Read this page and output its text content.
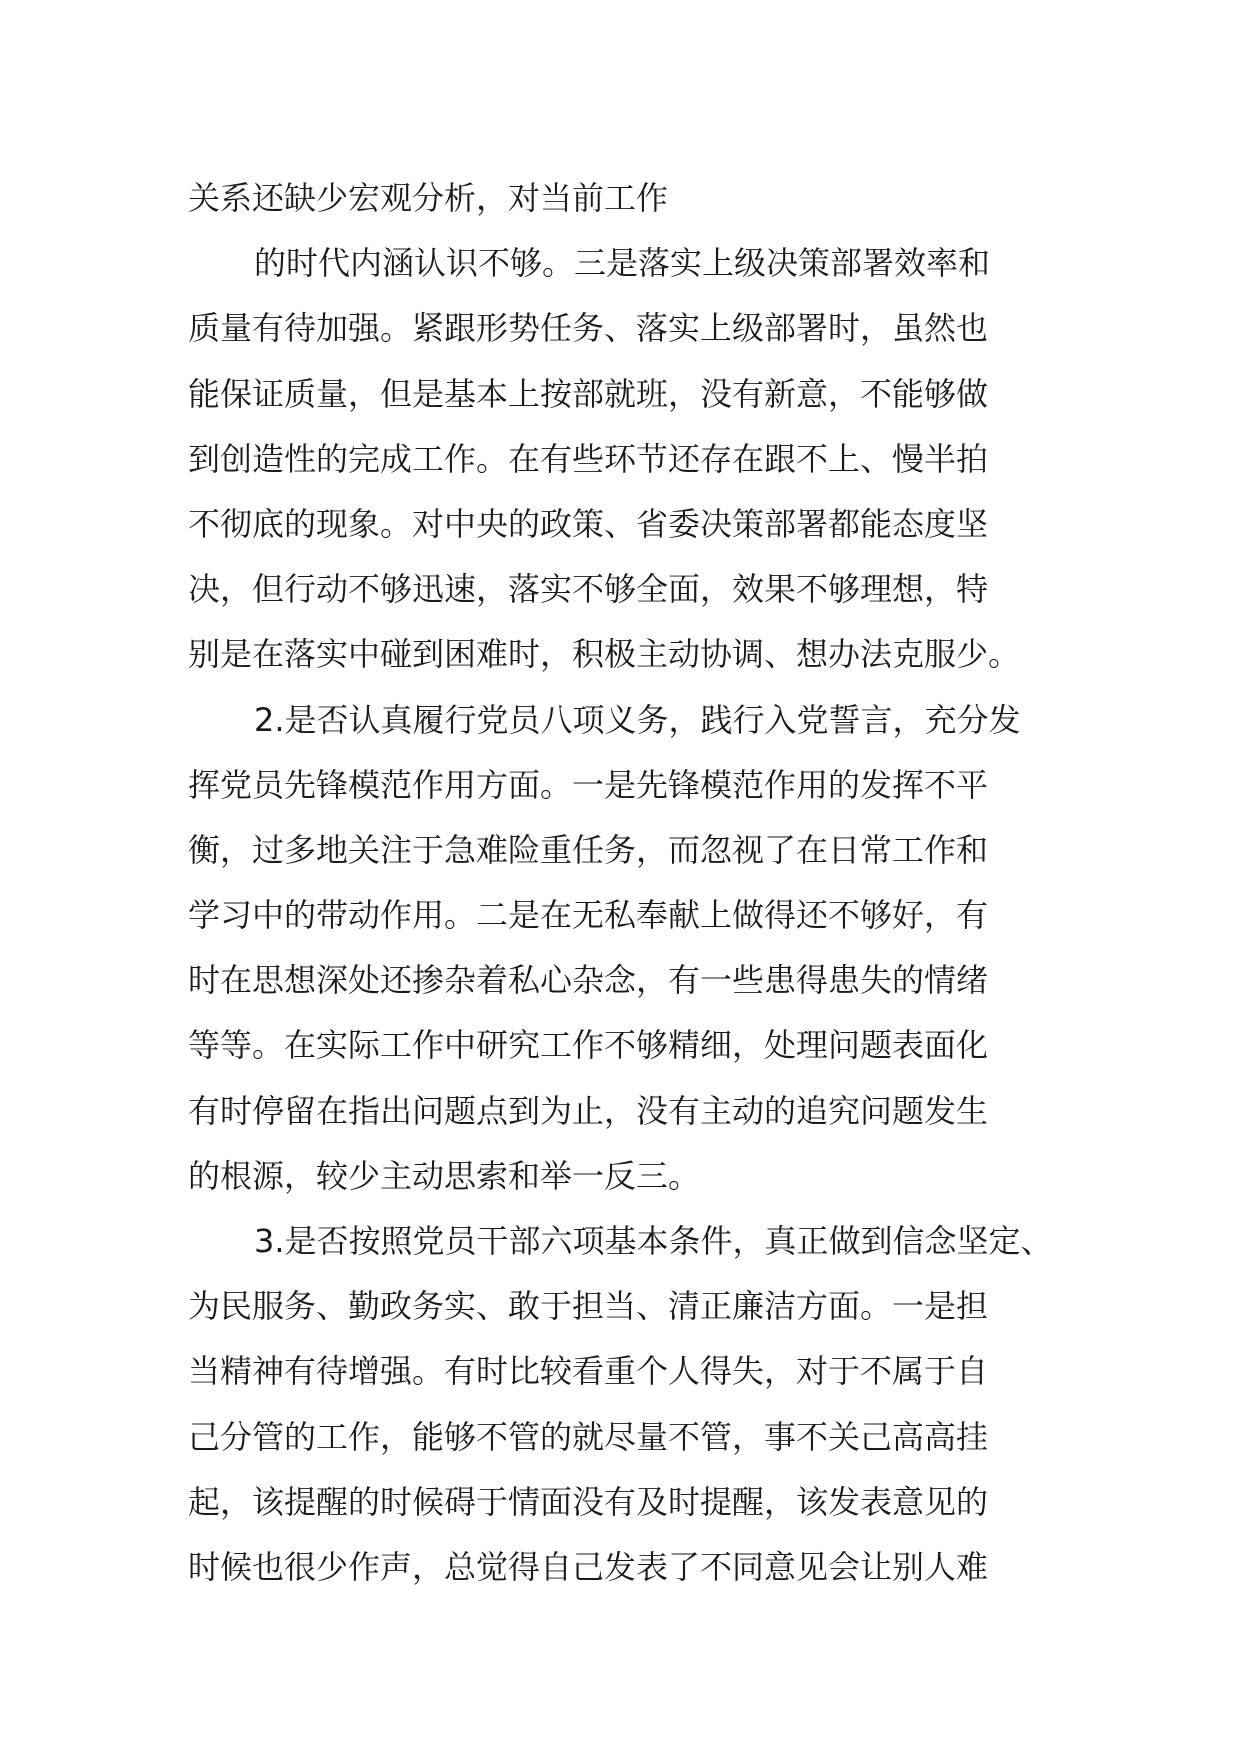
关系还缺少宏观分析，对当前工作
的时代内涵认识不够。三是落实上级决策部署效率和
质量有待加强。紧跟形势任务、落实上级部署时，虽然也
能保证质量，但是基本上按部就班，没有新意，不能够做
到创造性的完成工作。在有些环节还存在跟不上、慢半拍
不彻底的现象。对中央的政策、省委决策部署都能态度坚
决，但行动不够迅速，落实不够全面，效果不够理想，特
别是在落实中碰到困难时，积极主动协调、想办法克服少。
2.是否认真履行党员八项义务，践行入党誓言，充分发
挥党员先锋模范作用方面。一是先锋模范作用的发挥不平
衡，过多地关注于急难险重任务，而忽视了在日常工作和
学习中的带动作用。二是在无私奉献上做得还不够好，有
时在思想深处还掺杂着私心杂念，有一些患得患失的情绪
等等。在实际工作中研究工作不够精细，处理问题表面化
有时停留在指出问题点到为止，没有主动的追究问题发生
的根源，较少主动思索和举一反三。
3.是否按照党员干部六项基本条件，真正做到信念坚定、
为民服务、勤政务实、敢于担当、清正廉洁方面。一是担
当精神有待增强。有时比较看重个人得失，对于不属于自
己分管的工作，能够不管的就尽量不管，事不关己高高挂
起，该提醒的时候碍于情面没有及时提醒，该发表意见的
时候也很少作声，总觉得自己发表了不同意见会让别人难
